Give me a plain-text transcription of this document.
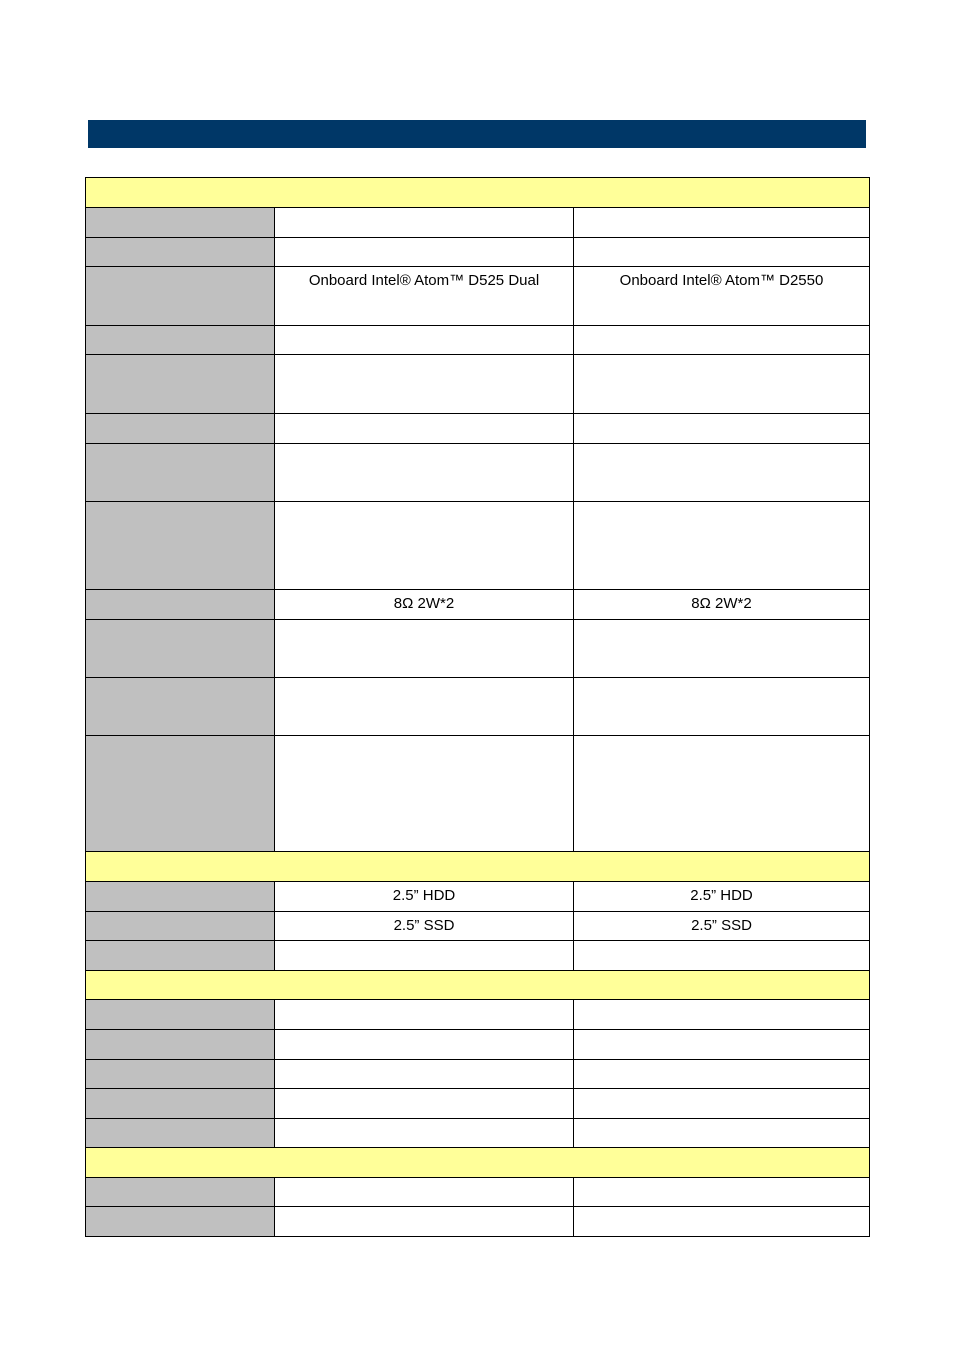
	Onboard Intel® Atom™ D525 Dual	Onboard Intel® Atom™ D2550

	8Ω 2W*2	8Ω 2W*2

	2.5” HDD	2.5” HDD
	2.5” SSD	2.5” SSD
